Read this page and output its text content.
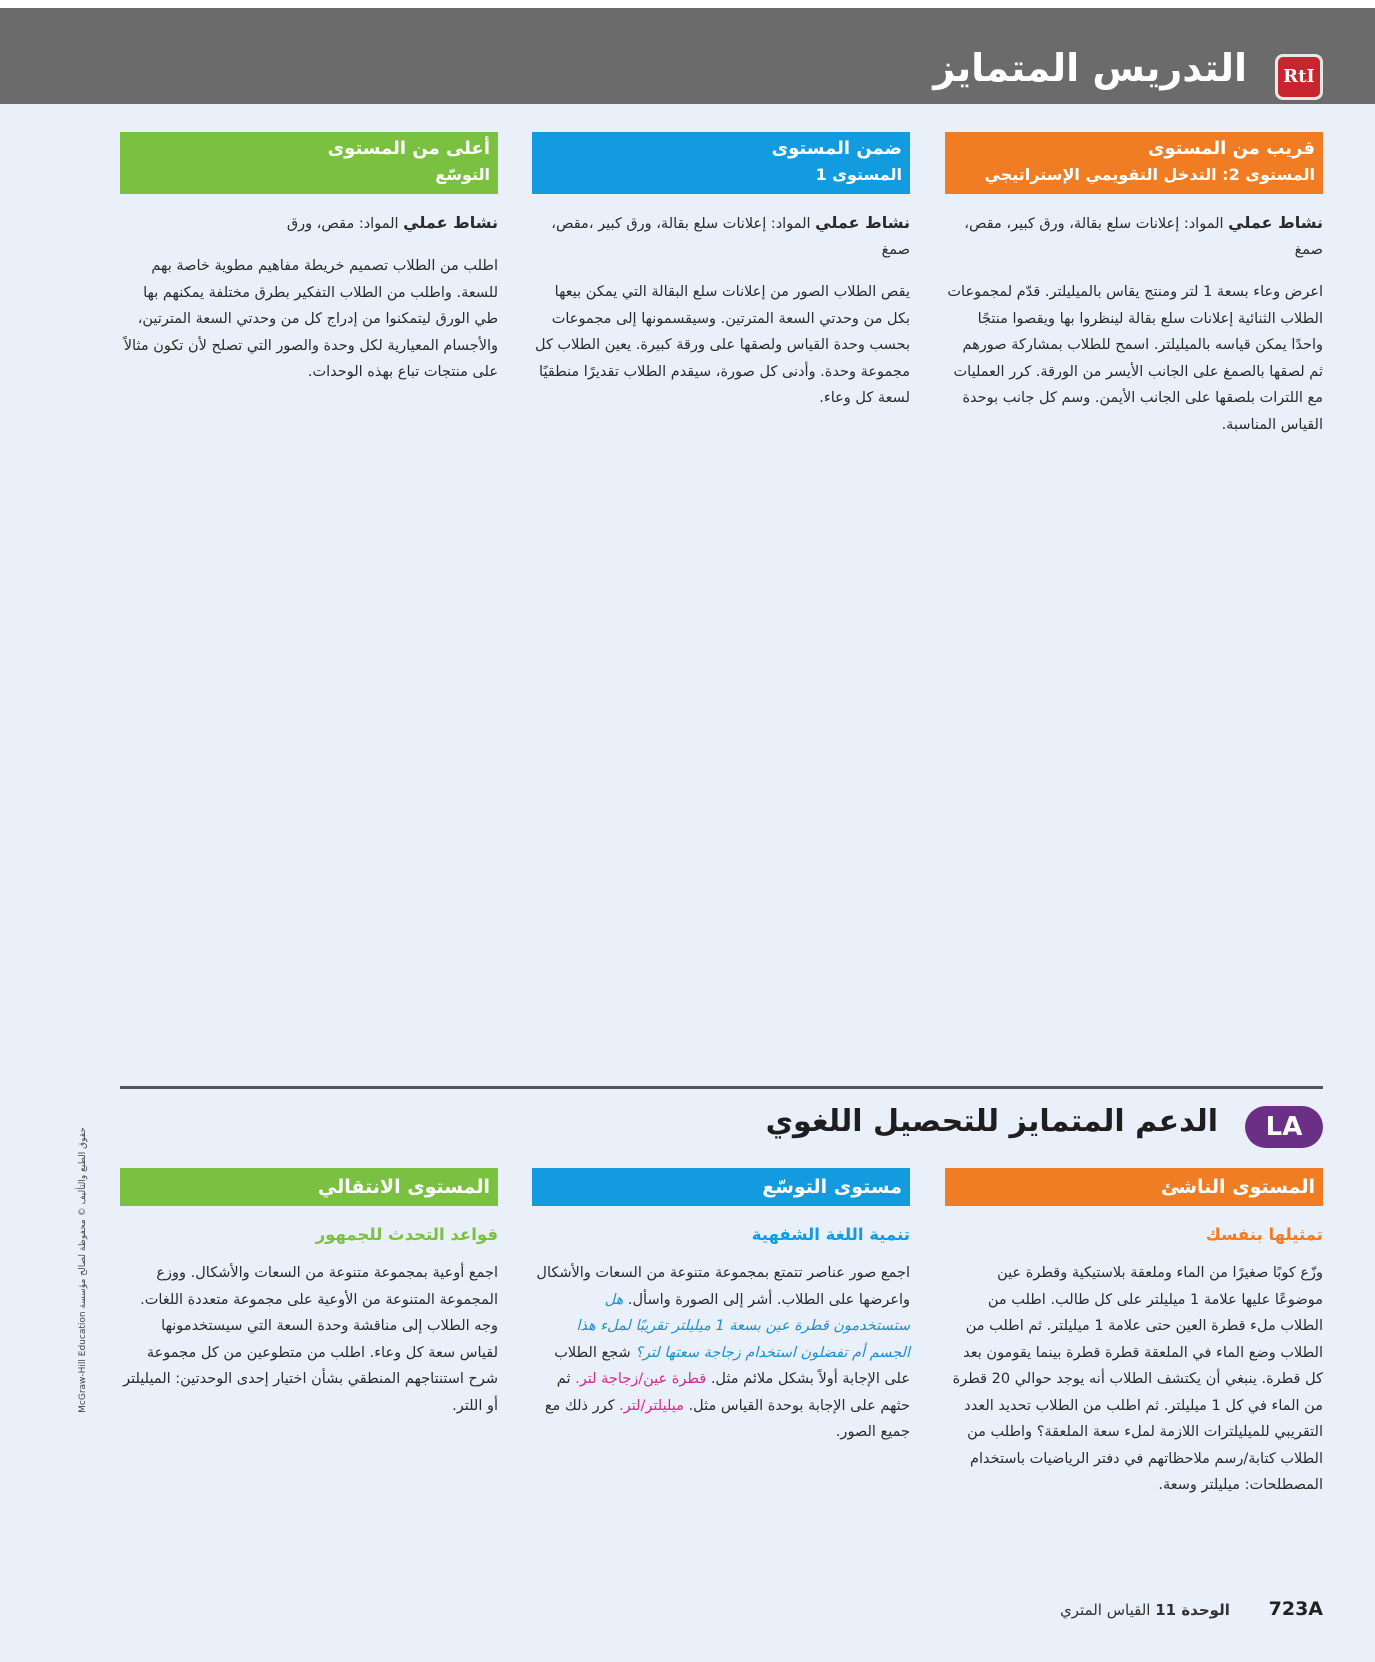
التدريس المتمايز	RtI
قريب من المستوى
المستوى 2: التدخل التقويمي الإستراتيجي
نشاط عملي المواد: إعلانات سلع بقالة، ورق كبير، مقص، صمغ
اعرض وعاء بسعة 1 لتر ومنتج يقاس بالميليلتر. قدّم لمجموعات الطلاب الثنائية إعلانات سلع بقالة لينظروا بها ويقصوا منتجًا واحدًا يمكن قياسه بالميليلتر. اسمح للطلاب بمشاركة صورهم ثم لصقها بالصمغ على الجانب الأيسر من الورقة. كرر العمليات مع اللترات بلصقها على الجانب الأيمن. وسم كل جانب بوحدة القياس المناسبة.
ضمن المستوى
المستوى 1
نشاط عملي المواد: إعلانات سلع بقالة، ورق كبير ،مقص، صمغ
يقص الطلاب الصور من إعلانات سلع البقالة التي يمكن بيعها بكل من وحدتي السعة المترتين. وسيقسمونها إلى مجموعات بحسب وحدة القياس ولصقها على ورقة كبيرة. يعين الطلاب كل مجموعة وحدة. وأدنى كل صورة، سيقدم الطلاب تقديرًا منطقيًا لسعة كل وعاء.
أعلى من المستوى
التوسّع
نشاط عملي المواد: مقص، ورق
اطلب من الطلاب تصميم خريطة مفاهيم مطوية خاصة بهم للسعة. واطلب من الطلاب التفكير بطرق مختلفة يمكنهم بها طي الورق ليتمكنوا من إدراج كل من وحدتي السعة المترتين، والأجسام المعيارية لكل وحدة والصور التي تصلح لأن تكون مثالاً على منتجات تباع بهذه الوحدات.
LA
الدعم المتمايز للتحصيل اللغوي
حقوق الطبع والتأليف © محفوظة لصالح مؤسسة McGraw-Hill Education	المستوى الناشئ
تمثيلها بنفسك
وزّع كوبًا صغيرًا من الماء وملعقة بلاستيكية وقطرة عين موضوعًا عليها علامة 1 ميليلتر على كل طالب. اطلب من الطلاب ملء قطرة العين حتى علامة 1 ميليلتر. ثم اطلب من الطلاب وضع الماء في الملعقة قطرة قطرة بينما يقومون بعد كل قطرة. ينبغي أن يكتشف الطلاب أنه يوجد حوالي 20 قطرة من الماء في كل 1 ميليلتر. ثم اطلب من الطلاب تحديد العدد التقريبي للميليلترات اللازمة لملء سعة الملعقة؟ واطلب من الطلاب كتابة/رسم ملاحظاتهم في دفتر الرياضيات باستخدام المصطلحات: ميليلتر وسعة.
مستوى التوسّع
تنمية اللغة الشفهية
اجمع صور عناصر تتمتع بمجموعة متنوعة من السعات والأشكال واعرضها على الطلاب. أشر إلى الصورة واسأل. هل ستستخدمون قطرة عين بسعة 1 ميليلتر تقريبًا لملء هذا الجسم أم تفضلون استخدام زجاجة سعتها لتر؟ شجع الطلاب على الإجابة أولاً بشكل ملائم مثل. قطرة عين/زجاجة لتر. ثم حثهم على الإجابة بوحدة القياس مثل. ميليلتر/لتر. كرر ذلك مع جميع الصور.
المستوى الانتقالي
قواعد التحدث للجمهور
اجمع أوعية بمجموعة متنوعة من السعات والأشكال. ووزع المجموعة المتنوعة من الأوعية على مجموعة متعددة اللغات. وجه الطلاب إلى مناقشة وحدة السعة التي سيستخدمونها لقياس سعة كل وعاء. اطلب من متطوعين من كل مجموعة شرح استنتاجهم المنطقي بشأن اختيار إحدى الوحدتين: الميليلتر أو اللتر.
723A الوحدة 11 القياس المتري
